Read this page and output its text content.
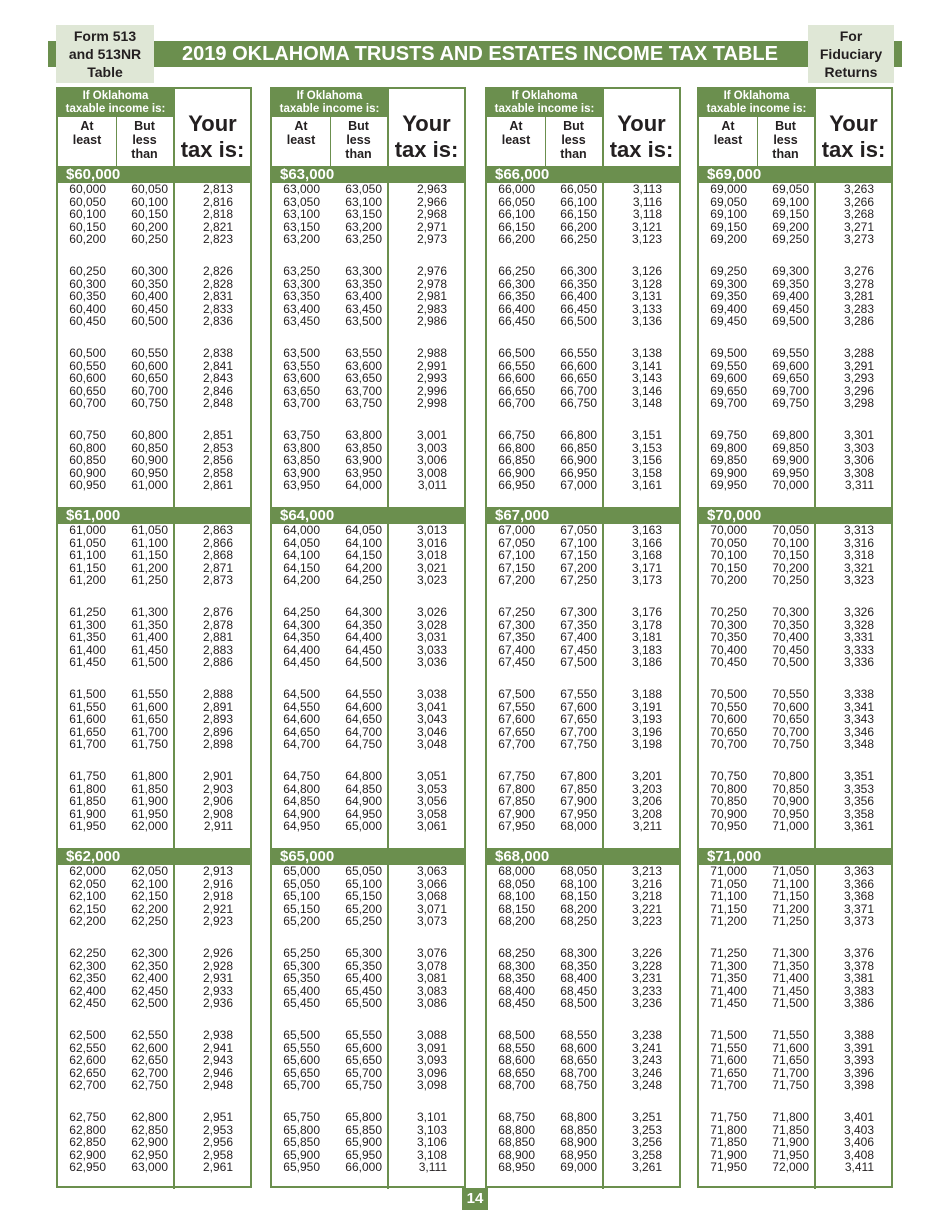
Form 513
and 513NR
Table
2019 OKLAHOMA TRUSTS AND ESTATES INCOME TAX TABLE
For
Fiduciary
Returns
If Oklahoma
taxable income is:
At
least
But
less
than
Your
tax is:
$60,000
60,000	60,050	2,813
60,050	60,100	2,816
60,100	60,150	2,818
60,150	60,200	2,821
60,200	60,250	2,823
60,250	60,300	2,826
60,300	60,350	2,828
60,350	60,400	2,831
60,400	60,450	2,833
60,450	60,500	2,836
60,500	60,550	2,838
60,550	60,600	2,841
60,600	60,650	2,843
60,650	60,700	2,846
60,700	60,750	2,848
60,750	60,800	2,851
60,800	60,850	2,853
60,850	60,900	2,856
60,900	60,950	2,858
60,950	61,000	2,861
$61,000
61,000	61,050	2,863
61,050	61,100	2,866
61,100	61,150	2,868
61,150	61,200	2,871
61,200	61,250	2,873
61,250	61,300	2,876
61,300	61,350	2,878
61,350	61,400	2,881
61,400	61,450	2,883
61,450	61,500	2,886
61,500	61,550	2,888
61,550	61,600	2,891
61,600	61,650	2,893
61,650	61,700	2,896
61,700	61,750	2,898
61,750	61,800	2,901
61,800	61,850	2,903
61,850	61,900	2,906
61,900	61,950	2,908
61,950	62,000	2,911
$62,000
62,000	62,050	2,913
62,050	62,100	2,916
62,100	62,150	2,918
62,150	62,200	2,921
62,200	62,250	2,923
62,250	62,300	2,926
62,300	62,350	2,928
62,350	62,400	2,931
62,400	62,450	2,933
62,450	62,500	2,936
62,500	62,550	2,938
62,550	62,600	2,941
62,600	62,650	2,943
62,650	62,700	2,946
62,700	62,750	2,948
62,750	62,800	2,951
62,800	62,850	2,953
62,850	62,900	2,956
62,900	62,950	2,958
62,950	63,000	2,961
If Oklahoma
taxable income is:
At
least
But
less
than
Your
tax is:
$63,000
63,000	63,050	2,963
63,050	63,100	2,966
63,100	63,150	2,968
63,150	63,200	2,971
63,200	63,250	2,973
63,250	63,300	2,976
63,300	63,350	2,978
63,350	63,400	2,981
63,400	63,450	2,983
63,450	63,500	2,986
63,500	63,550	2,988
63,550	63,600	2,991
63,600	63,650	2,993
63,650	63,700	2,996
63,700	63,750	2,998
63,750	63,800	3,001
63,800	63,850	3,003
63,850	63,900	3,006
63,900	63,950	3,008
63,950	64,000	3,011
$64,000
64,000	64,050	3,013
64,050	64,100	3,016
64,100	64,150	3,018
64,150	64,200	3,021
64,200	64,250	3,023
64,250	64,300	3,026
64,300	64,350	3,028
64,350	64,400	3,031
64,400	64,450	3,033
64,450	64,500	3,036
64,500	64,550	3,038
64,550	64,600	3,041
64,600	64,650	3,043
64,650	64,700	3,046
64,700	64,750	3,048
64,750	64,800	3,051
64,800	64,850	3,053
64,850	64,900	3,056
64,900	64,950	3,058
64,950	65,000	3,061
$65,000
65,000	65,050	3,063
65,050	65,100	3,066
65,100	65,150	3,068
65,150	65,200	3,071
65,200	65,250	3,073
65,250	65,300	3,076
65,300	65,350	3,078
65,350	65,400	3,081
65,400	65,450	3,083
65,450	65,500	3,086
65,500	65,550	3,088
65,550	65,600	3,091
65,600	65,650	3,093
65,650	65,700	3,096
65,700	65,750	3,098
65,750	65,800	3,101
65,800	65,850	3,103
65,850	65,900	3,106
65,900	65,950	3,108
65,950	66,000	3,111
If Oklahoma
taxable income is:
At
least
But
less
than
Your
tax is:
$66,000
66,000	66,050	3,113
66,050	66,100	3,116
66,100	66,150	3,118
66,150	66,200	3,121
66,200	66,250	3,123
66,250	66,300	3,126
66,300	66,350	3,128
66,350	66,400	3,131
66,400	66,450	3,133
66,450	66,500	3,136
66,500	66,550	3,138
66,550	66,600	3,141
66,600	66,650	3,143
66,650	66,700	3,146
66,700	66,750	3,148
66,750	66,800	3,151
66,800	66,850	3,153
66,850	66,900	3,156
66,900	66,950	3,158
66,950	67,000	3,161
$67,000
67,000	67,050	3,163
67,050	67,100	3,166
67,100	67,150	3,168
67,150	67,200	3,171
67,200	67,250	3,173
67,250	67,300	3,176
67,300	67,350	3,178
67,350	67,400	3,181
67,400	67,450	3,183
67,450	67,500	3,186
67,500	67,550	3,188
67,550	67,600	3,191
67,600	67,650	3,193
67,650	67,700	3,196
67,700	67,750	3,198
67,750	67,800	3,201
67,800	67,850	3,203
67,850	67,900	3,206
67,900	67,950	3,208
67,950	68,000	3,211
$68,000
68,000	68,050	3,213
68,050	68,100	3,216
68,100	68,150	3,218
68,150	68,200	3,221
68,200	68,250	3,223
68,250	68,300	3,226
68,300	68,350	3,228
68,350	68,400	3,231
68,400	68,450	3,233
68,450	68,500	3,236
68,500	68,550	3,238
68,550	68,600	3,241
68,600	68,650	3,243
68,650	68,700	3,246
68,700	68,750	3,248
68,750	68,800	3,251
68,800	68,850	3,253
68,850	68,900	3,256
68,900	68,950	3,258
68,950	69,000	3,261
If Oklahoma
taxable income is:
At
least
But
less
than
Your
tax is:
$69,000
69,000	69,050	3,263
69,050	69,100	3,266
69,100	69,150	3,268
69,150	69,200	3,271
69,200	69,250	3,273
69,250	69,300	3,276
69,300	69,350	3,278
69,350	69,400	3,281
69,400	69,450	3,283
69,450	69,500	3,286
69,500	69,550	3,288
69,550	69,600	3,291
69,600	69,650	3,293
69,650	69,700	3,296
69,700	69,750	3,298
69,750	69,800	3,301
69,800	69,850	3,303
69,850	69,900	3,306
69,900	69,950	3,308
69,950	70,000	3,311
$70,000
70,000	70,050	3,313
70,050	70,100	3,316
70,100	70,150	3,318
70,150	70,200	3,321
70,200	70,250	3,323
70,250	70,300	3,326
70,300	70,350	3,328
70,350	70,400	3,331
70,400	70,450	3,333
70,450	70,500	3,336
70,500	70,550	3,338
70,550	70,600	3,341
70,600	70,650	3,343
70,650	70,700	3,346
70,700	70,750	3,348
70,750	70,800	3,351
70,800	70,850	3,353
70,850	70,900	3,356
70,900	70,950	3,358
70,950	71,000	3,361
$71,000
71,000	71,050	3,363
71,050	71,100	3,366
71,100	71,150	3,368
71,150	71,200	3,371
71,200	71,250	3,373
71,250	71,300	3,376
71,300	71,350	3,378
71,350	71,400	3,381
71,400	71,450	3,383
71,450	71,500	3,386
71,500	71,550	3,388
71,550	71,600	3,391
71,600	71,650	3,393
71,650	71,700	3,396
71,700	71,750	3,398
71,750	71,800	3,401
71,800	71,850	3,403
71,850	71,900	3,406
71,900	71,950	3,408
71,950	72,000	3,411
14
